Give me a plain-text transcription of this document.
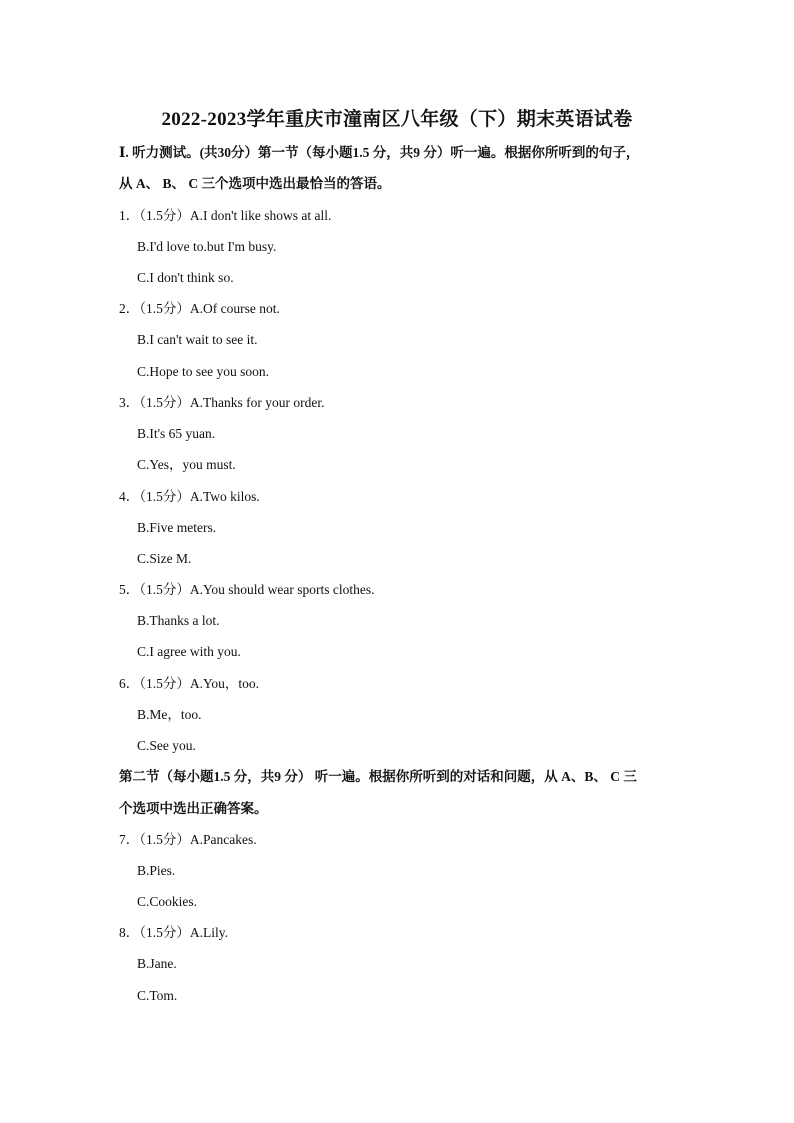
2022-2023学年重庆市潼南区八年级（下）期末英语试卷
Ⅰ. 听力测试。(共30分）第一节（每小题1.5 分，共9 分）听一遍。根据你所听到的句子，
从 A、 B、 C 三个选项中选出最恰当的答语。
1．（1.5分）A.I don't like shows at all.
B.I'd love to.but I'm busy.
C.I don't think so.
2．（1.5分）A.Of course not.
B.I can't wait to see it.
C.Hope to see you soon.
3．（1.5分）A.Thanks for your order.
B.It's 65 yuan.
C.Yes，you must.
4．（1.5分）A.Two kilos.
B.Five meters.
C.Size M.
5．（1.5分）A.You should wear sports clothes.
B.Thanks a lot.
C.I agree with you.
6．（1.5分）A.You，too.
B.Me，too.
C.See you.
第二节（每小题1.5 分，共9 分） 听一遍。根据你所听到的对话和问题，从 A、B、 C 三
个选项中选出正确答案。
7．（1.5分）A.Pancakes.
B.Pies.
C.Cookies.
8．（1.5分）A.Lily.
B.Jane.
C.Tom.
